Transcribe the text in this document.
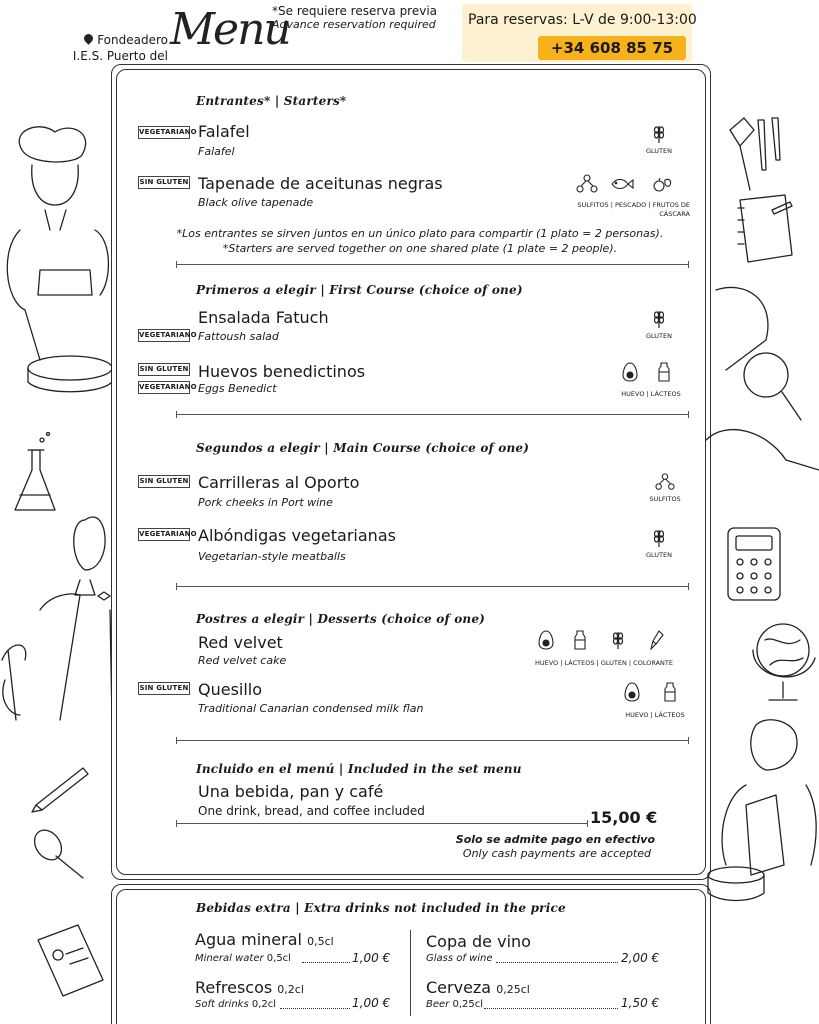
Fondeadero
I.E.S. Puerto del
Menu
*Se requiere reserva previa
Advance reservation required Para reservas: L-V de 9:00-13:00
+34 608 85 75
Entrantes* | Starters*
VEGETARIANO Falafel
Falafel	GLUTEN
SIN GLUTEN Tapenade de aceitunas negras
Black olive tapenade	SULFITOS | PESCADO | FRUTOS DE
CÁSCARA
*Los entrantes se sirven juntos en un único plato para compartir (1 plato = 2 personas).
*Starters are served together on one shared plate (1 plate = 2 people).
Primeros a elegir | First Course (choice of one)
VEGETARIANO
Ensalada Fatuch
Fattoush salad	GLUTEN
SIN GLUTEN
VEGETARIANO
Huevos benedictinos
Eggs Benedict	HUEVO | LÁCTEOS
Segundos a elegir | Main Course (choice of one)
SIN GLUTEN Carrilleras al Oporto
Pork cheeks in Port wine	SULFITOS
VEGETARIANO Albóndigas vegetarianas
Vegetarian-style meatballs	GLUTEN
Postres a elegir | Desserts (choice of one)
Red velvet
Red velvet cake	HUEVO | LÁCTEOS | GLUTEN | COLORANTE
SIN GLUTEN Quesillo
Traditional Canarian condensed milk flan	HUEVO | LÁCTEOS
Incluido en el menú | Included in the set menu
Una bebida, pan y café
One drink, bread, and coffee included	15,00 €
Solo se admite pago en efectivo
Only cash payments are accepted
Bebidas extra | Extra drinks not included in the price
Agua mineral 0,5cl
Mineral water 0,5cl	1,00 €
Refrescos 0,2cl
Soft drinks 0,2cl	1,00 €
Copa de vino
Glass of wine	2,00 €
Cerveza 0,25cl
Beer 0,25cl	1,50 €
